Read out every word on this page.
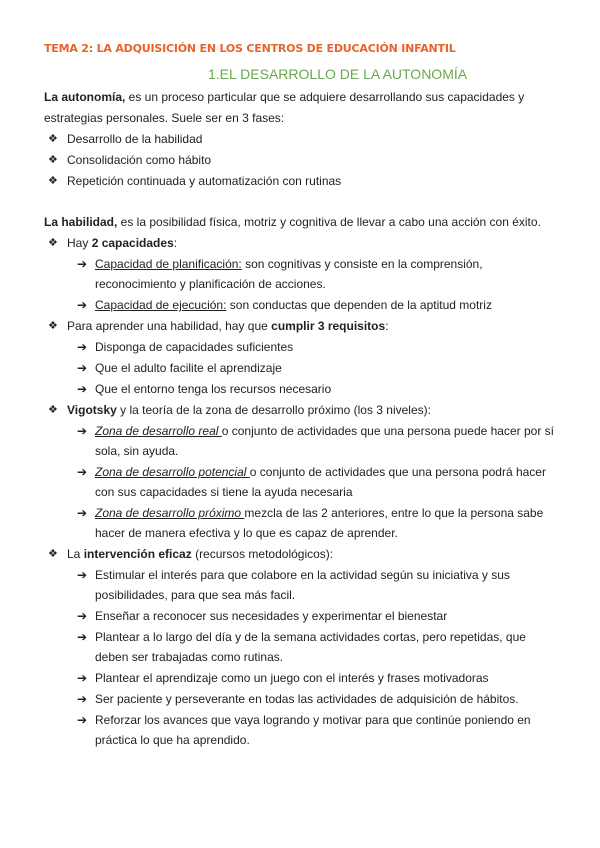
TEMA 2: LA ADQUISICIÓN EN LOS CENTROS DE EDUCACIÓN INFANTIL
1.EL DESARROLLO DE LA AUTONOMÍA
La autonomía, es un proceso particular que se adquiere desarrollando sus capacidades y
estrategias personales. Suele ser en 3 fases:
❖ Desarrollo de la habilidad
❖ Consolidación como hábito
❖ Repetición continuada y automatización con rutinas
La habilidad, es la posibilidad física, motriz y cognitiva de llevar a cabo una acción con éxito.
❖ Hay 2 capacidades:
➔ Capacidad de planificación: son cognitivas y consiste en la comprensión,
reconocimiento y planificación de acciones.
➔ Capacidad de ejecución: son conductas que dependen de la aptitud motriz
❖ Para aprender una habilidad, hay que cumplir 3 requisitos:
➔ Disponga de capacidades suficientes
➔ Que el adulto facilite el aprendizaje
➔ Que el entorno tenga los recursos necesario
❖ Vigotsky y la teoría de la zona de desarrollo próximo (los 3 niveles):
➔ Zona de desarrollo real o conjunto de actividades que una persona puede hacer por sí
sola, sin ayuda.
➔ Zona de desarrollo potencial o conjunto de actividades que una persona podrá hacer
con sus capacidades si tiene la ayuda necesaria
➔ Zona de desarrollo próximo mezcla de las 2 anteriores, entre lo que la persona sabe
hacer de manera efectiva y lo que es capaz de aprender.
❖ La intervención eficaz (recursos metodológicos):
➔ Estimular el interés para que colabore en la actividad según su iniciativa y sus
posibilidades, para que sea más facil.
➔ Enseñar a reconocer sus necesidades y experimentar el bienestar
➔ Plantear a lo largo del día y de la semana actividades cortas, pero repetidas, que
deben ser trabajadas como rutinas.
➔ Plantear el aprendizaje como un juego con el interés y frases motivadoras
➔ Ser paciente y perseverante en todas las actividades de adquisición de hábitos.
➔ Reforzar los avances que vaya logrando y motivar para que continúe poniendo en
práctica lo que ha aprendido.
